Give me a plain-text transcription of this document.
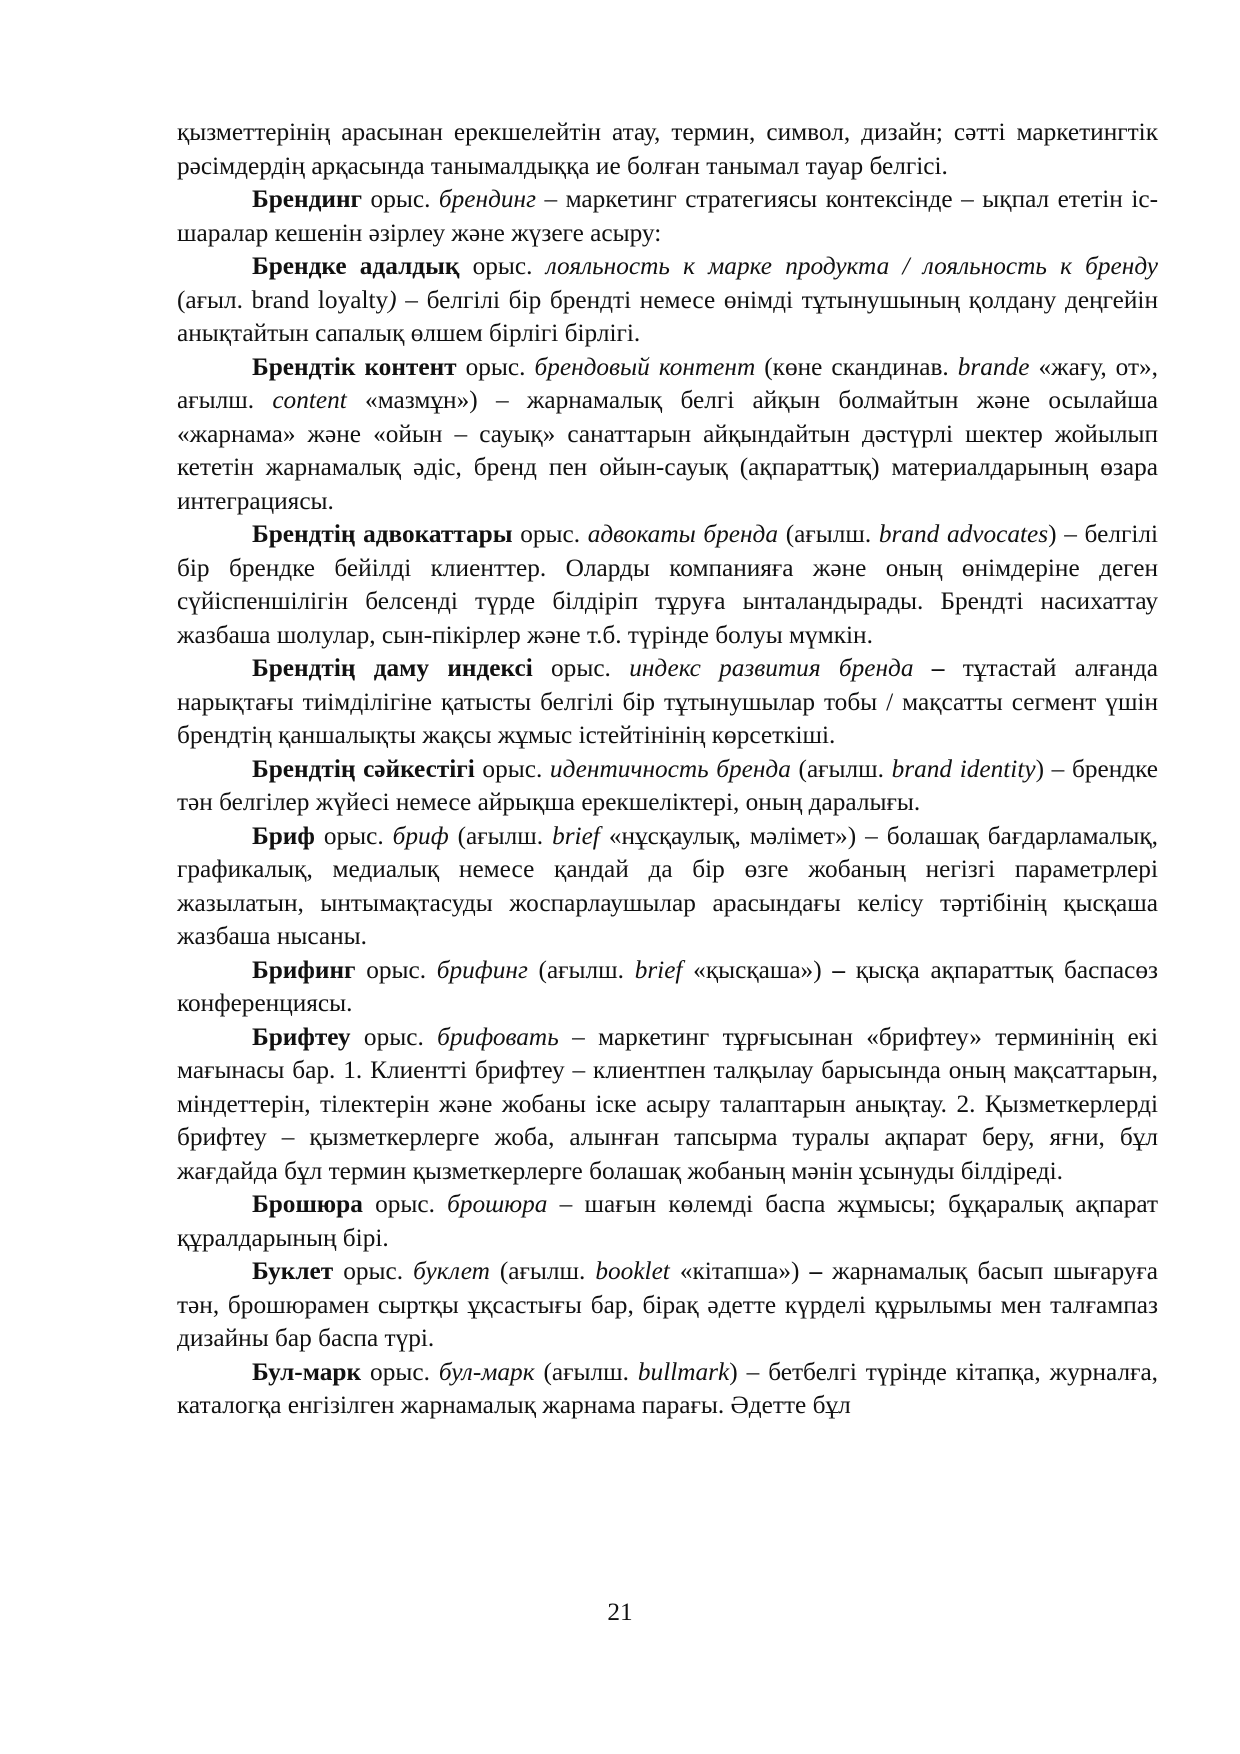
қызметтерінің арасынан ерекшелейтін атау, термин, символ, дизайн; сәтті маркетингтік рәсімдердің арқасында танымалдыққа ие болған танымал тауар белгісі.

Брендинг орыс. брендинг – маркетинг стратегиясы контексінде – ықпал ететін іс-шаралар кешенін әзірлеу және жүзеге асыру:

Брендке адалдық орыс. лояльность к марке продукта / лояльность к бренду (ағыл. brand loyalty) – белгілі бір брендті немесе өнімді тұтынушының қолдану деңгейін анықтайтын сапалық өлшем бірлігі бірлігі.

Брендтік контент орыс. брендовый контент (көне скандинав. brande «жағу, от», ағылш. content «мазмұн») – жарнамалық белгі айқын болмайтын және осылайша «жарнама» және «ойын – сауық» санаттарын айқындайтын дәстүрлі шектер жойылып кететін жарнамалық әдіс, бренд пен ойын-сауық (ақпараттық) материалдарының өзара интеграциясы.

Брендтің адвокаттары орыс. адвокаты бренда (ағылш. brand advocates) – белгілі бір брендке бейілді клиенттер. Оларды компанияға және оның өнімдеріне деген сүйіспеншілігін белсенді түрде білдіріп тұруға ынталандырады. Брендті насихаттау жазбаша шолулар, сын-пікірлер және т.б. түрінде болуы мүмкін.

Брендтің даму индексі орыс. индекс развития бренда – тұтастай алғанда нарықтағы тиімділігіне қатысты белгілі бір тұтынушылар тобы / мақсатты сегмент үшін брендтің қаншалықты жақсы жұмыс істейтінінің көрсеткіші.

Брендтің сәйкестігі орыс. идентичность бренда (ағылш. brand identity) – брендке тән белгілер жүйесі немесе айрықша ерекшеліктері, оның даралығы.

Бриф орыс. бриф (ағылш. brief «нұсқаулық, мәлімет») – болашақ бағдарламалық, графикалық, медиалық немесе қандай да бір өзге жобаның негізгі параметрлері жазылатын, ынтымақтасуды жоспарлаушылар арасындағы келісу тәртібінің қысқаша жазбаша нысаны.

Брифинг орыс. брифинг (ағылш. brief «қысқаша») – қысқа ақпараттық баспасөз конференциясы.

Брифтеу орыс. брифовать – маркетинг тұрғысынан «брифтеу» терминінің екі мағынасы бар. 1. Клиентті брифтеу – клиентпен талқылау барысында оның мақсаттарын, міндеттерін, тілектерін және жобаны іске асыру талаптарын анықтау. 2. Қызметкерлерді брифтеу – қызметкерлерге жоба, алынған тапсырма туралы ақпарат беру, яғни, бұл жағдайда бұл термин қызметкерлерге болашақ жобаның мәнін ұсынуды білдіреді.

Брошюра орыс. брошюра – шағын көлемді баспа жұмысы; бұқаралық ақпарат құралдарының бірі.

Буклет орыс. буклет (ағылш. booklet «кітапша») – жарнамалық басып шығаруға тән, брошюрамен сыртқы ұқсастығы бар, бірақ әдетте күрделі құрылымы мен талғампаз дизайны бар баспа түрі.

Бул-марк орыс. бул-марк (ағылш. bullmark) – бетбелгі түрінде кітапқа, журналға, каталогқа енгізілген жарнамалық жарнама парағы. Әдетте бұл

21
